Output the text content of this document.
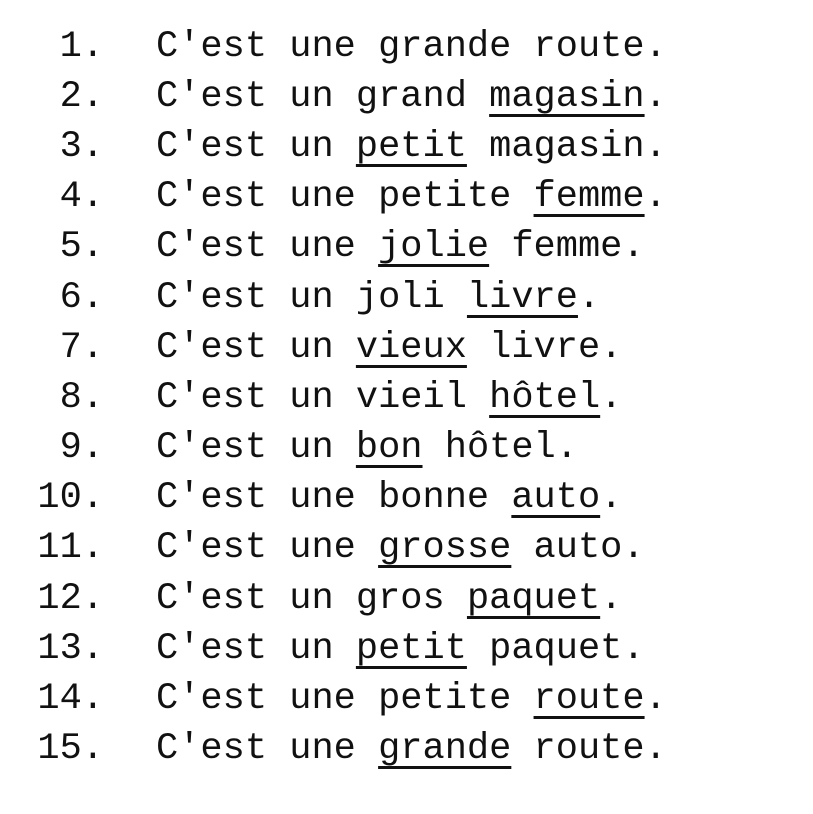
1. C'est une grande route.
2. C'est un grand magasin.
3. C'est un petit magasin.
4. C'est une petite femme.
5. C'est une jolie femme.
6. C'est un joli livre.
7. C'est un vieux livre.
8. C'est un vieil hôtel.
9. C'est un bon hôtel.
10. C'est une bonne auto.
11. C'est une grosse auto.
12. C'est un gros paquet.
13. C'est un petit paquet.
14. C'est une petite route.
15. C'est une grande route.
